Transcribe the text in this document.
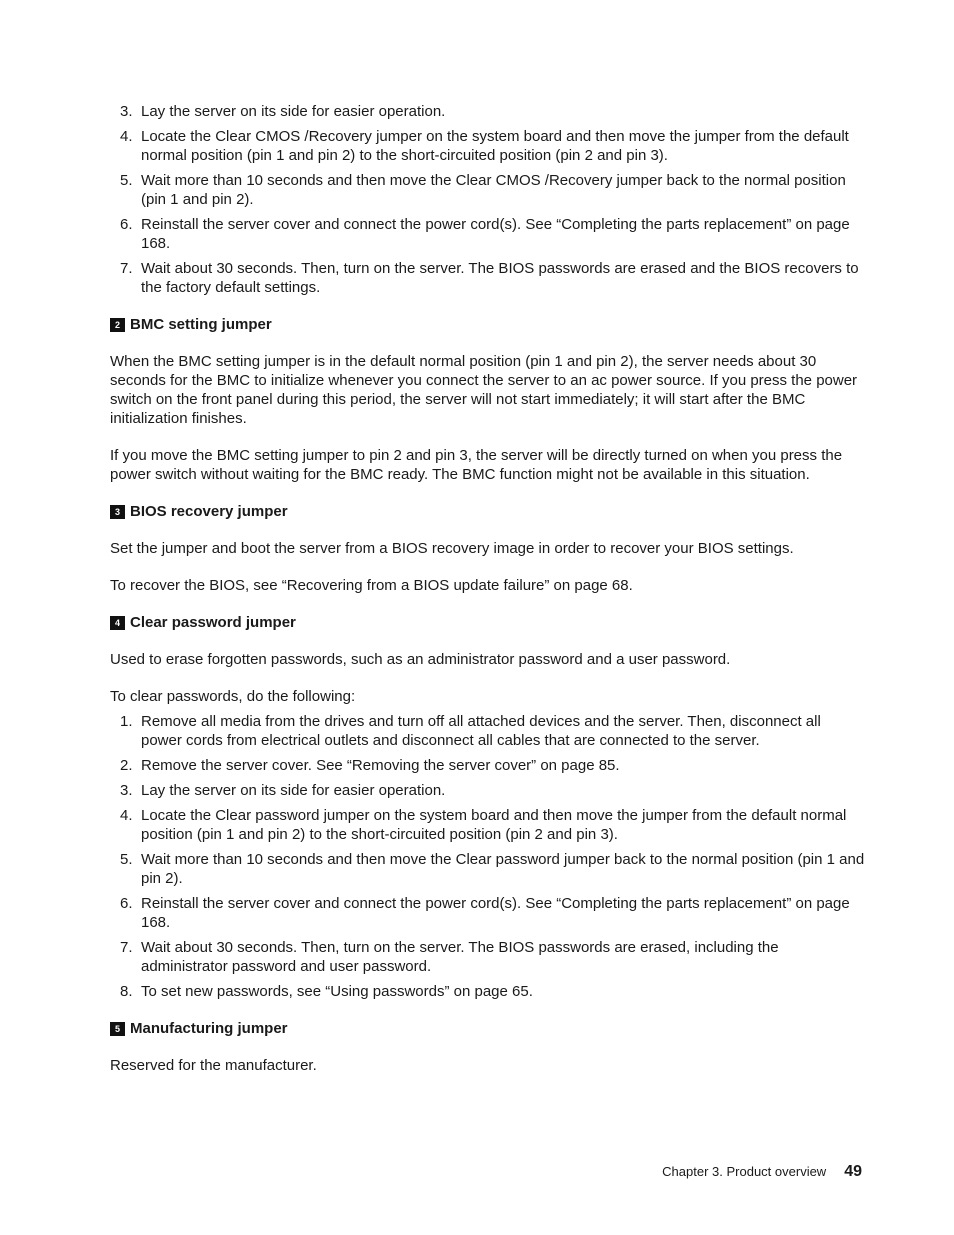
3. Lay the server on its side for easier operation.
4. Locate the Clear CMOS /Recovery jumper on the system board and then move the jumper from the default normal position (pin 1 and pin 2) to the short-circuited position (pin 2 and pin 3).
5. Wait more than 10 seconds and then move the Clear CMOS /Recovery jumper back to the normal position (pin 1 and pin 2).
6. Reinstall the server cover and connect the power cord(s). See “Completing the parts replacement” on page 168.
7. Wait about 30 seconds. Then, turn on the server. The BIOS passwords are erased and the BIOS recovers to the factory default settings.
2 BMC setting jumper

When the BMC setting jumper is in the default normal position (pin 1 and pin 2), the server needs about 30 seconds for the BMC to initialize whenever you connect the server to an ac power source. If you press the power switch on the front panel during this period, the server will not start immediately; it will start after the BMC initialization finishes.

If you move the BMC setting jumper to pin 2 and pin 3, the server will be directly turned on when you press the power switch without waiting for the BMC ready. The BMC function might not be available in this situation.

3 BIOS recovery jumper

Set the jumper and boot the server from a BIOS recovery image in order to recover your BIOS settings.

To recover the BIOS, see “Recovering from a BIOS update failure” on page 68.

4 Clear password jumper

Used to erase forgotten passwords, such as an administrator password and a user password.

To clear passwords, do the following:

1. Remove all media from the drives and turn off all attached devices and the server. Then, disconnect all power cords from electrical outlets and disconnect all cables that are connected to the server.
2. Remove the server cover. See “Removing the server cover” on page 85.
3. Lay the server on its side for easier operation.
4. Locate the Clear password jumper on the system board and then move the jumper from the default normal position (pin 1 and pin 2) to the short-circuited position (pin 2 and pin 3).
5. Wait more than 10 seconds and then move the Clear password jumper back to the normal position (pin 1 and pin 2).
6. Reinstall the server cover and connect the power cord(s). See “Completing the parts replacement” on page 168.
7. Wait about 30 seconds. Then, turn on the server. The BIOS passwords are erased, including the administrator password and user password.
8. To set new passwords, see “Using passwords” on page 65.
5 Manufacturing jumper

Reserved for the manufacturer.

Chapter 3. Product overview 49
